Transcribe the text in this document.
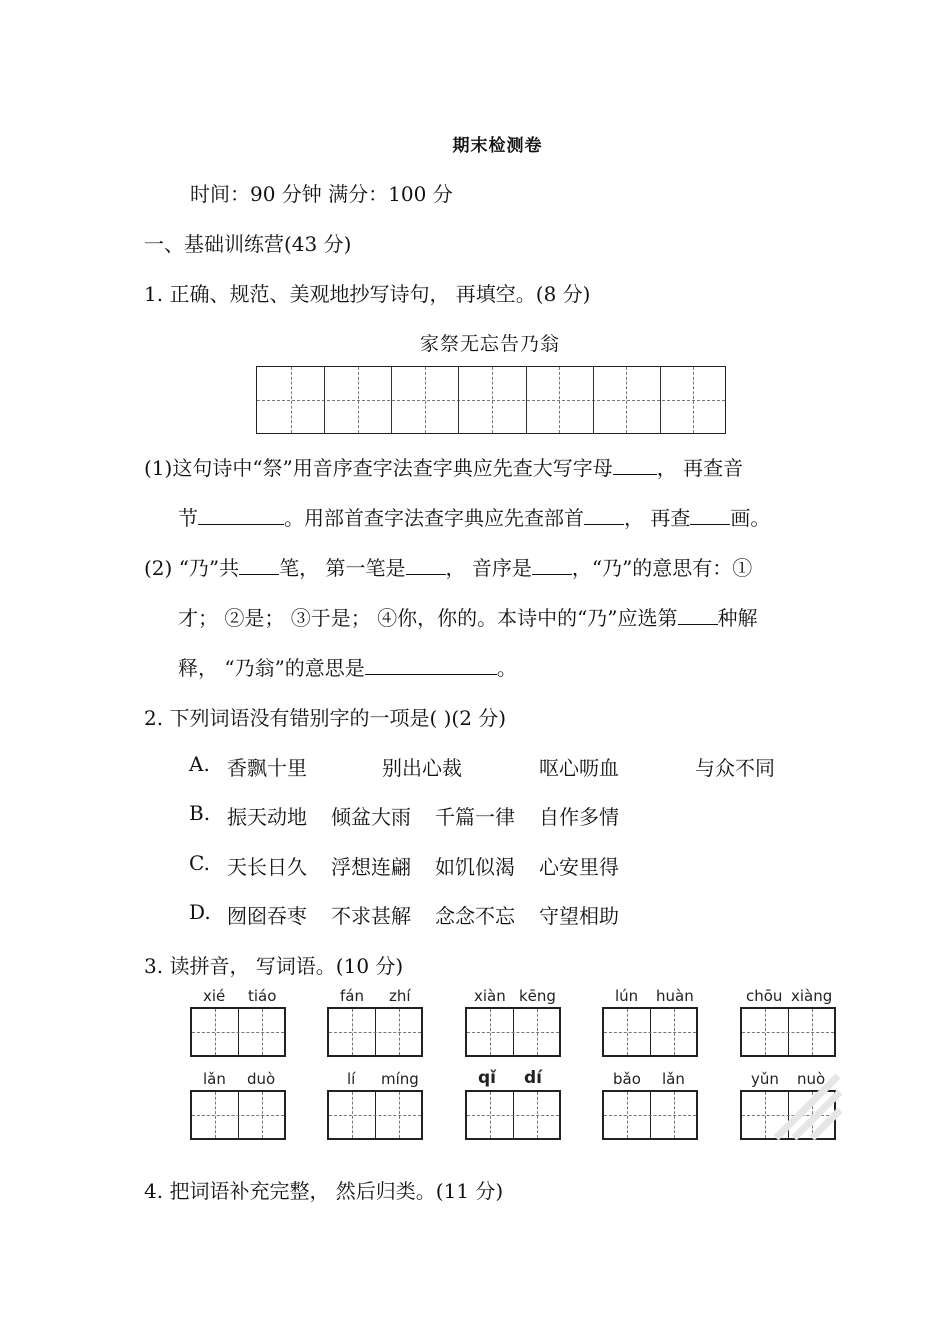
期末检测卷
时间：90 分钟 满分：100 分
一、基础训练营(43 分)
1. 正确、规范、美观地抄写诗句， 再填空。(8 分)
家祭无忘告乃翁
(1)这句诗中“祭”用音序查字法查字典应先查大写字母 ， 再查音
节	。用部首查字法查字典应先查部首 ， 再查 画。
(2) “乃”共 笔， 第一笔是 ， 音序是 ，“乃”的意思有：①
才； ②是； ③于是； ④你，你的。本诗中的“乃”应选第 种解
释， “乃翁”的意思是	。
2. 下列词语没有错别字的一项是( )(2 分)
A. 香飘十里	别出心裁	呕心呖血	与众不同
B. 振天动地 倾盆大雨 千篇一律 自作多情
C. 天长日久 浮想连翩 如饥似渴 心安里得
D. 囫囵吞枣 不求甚解 念念不忘 守望相助
3. 读拼音， 写词语。(10 分)
xié tiáo	fán zhí	xiàn kēng	lún huàn	chōu xiàng
lǎn duò	lí míng	qǐ dí	bǎo lǎn	yǔn nuò
4. 把词语补充完整， 然后归类。(11 分)
